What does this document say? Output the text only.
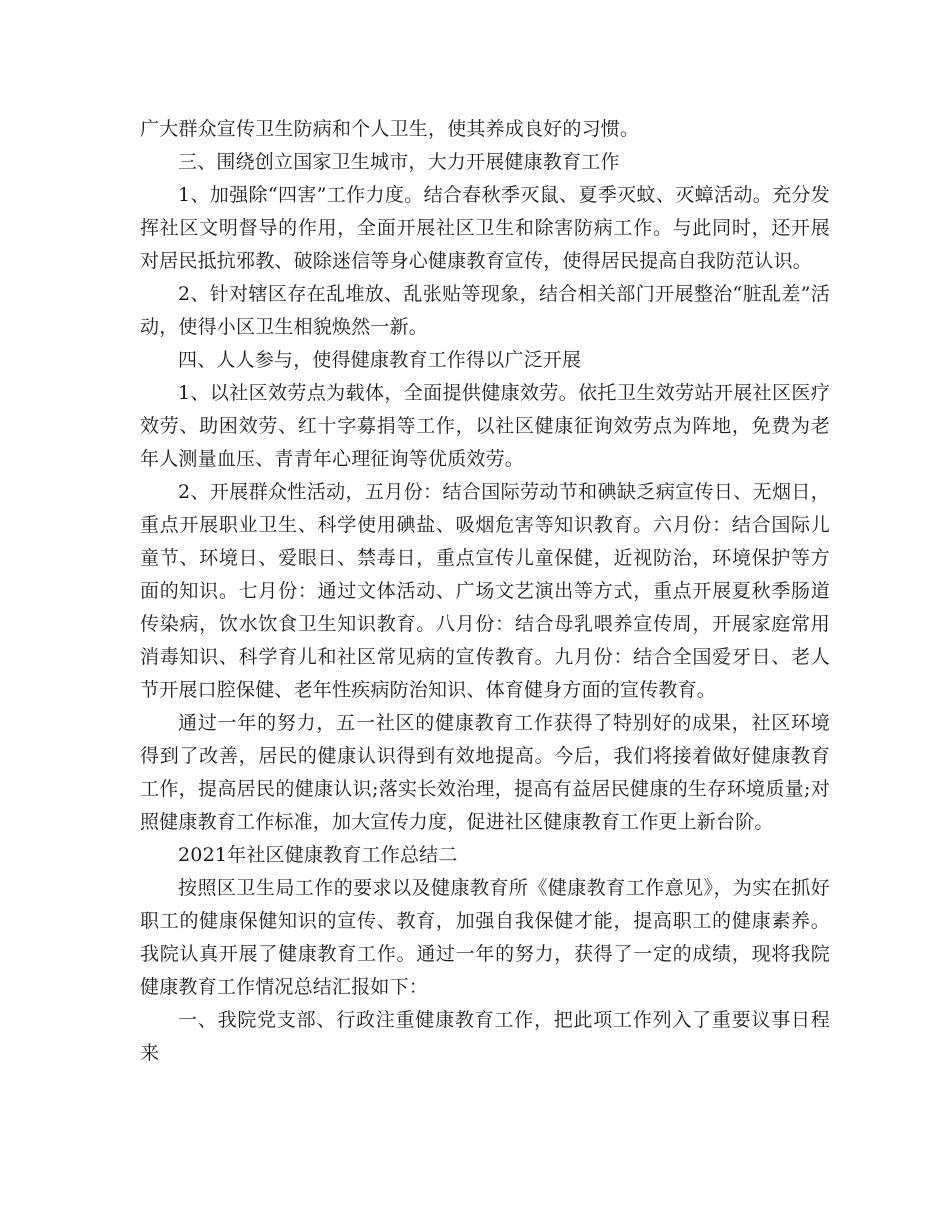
广大群众宣传卫生防病和个人卫生，使其养成良好的习惯。

三、围绕创立国家卫生城市，大力开展健康教育工作

1、加强除“四害”工作力度。结合春秋季灭鼠、夏季灭蚊、灭蟑活动。充分发挥社区文明督导的作用，全面开展社区卫生和除害防病工作。与此同时，还开展对居民抵抗邪教、破除迷信等身心健康教育宣传，使得居民提高自我防范认识。

2、针对辖区存在乱堆放、乱张贴等现象，结合相关部门开展整治“脏乱差”活动，使得小区卫生相貌焕然一新。

四、人人参与，使得健康教育工作得以广泛开展

1、以社区效劳点为载体，全面提供健康效劳。依托卫生效劳站开展社区医疗效劳、助困效劳、红十字募捐等工作，以社区健康征询效劳点为阵地，免费为老年人测量血压、青青年心理征询等优质效劳。

2、开展群众性活动，五月份：结合国际劳动节和碘缺乏病宣传日、无烟日，重点开展职业卫生、科学使用碘盐、吸烟危害等知识教育。六月份：结合国际儿童节、环境日、爱眼日、禁毒日，重点宣传儿童保健，近视防治，环境保护等方面的知识。七月份：通过文体活动、广场文艺演出等方式，重点开展夏秋季肠道传染病，饮水饮食卫生知识教育。八月份：结合母乳喂养宣传周，开展家庭常用消毒知识、科学育儿和社区常见病的宣传教育。九月份：结合全国爱牙日、老人节开展口腔保健、老年性疾病防治知识、体育健身方面的宣传教育。

通过一年的努力，五一社区的健康教育工作获得了特别好的成果，社区环境得到了改善，居民的健康认识得到有效地提高。今后，我们将接着做好健康教育工作，提高居民的健康认识;落实长效治理，提高有益居民健康的生存环境质量;对照健康教育工作标准，加大宣传力度，促进社区健康教育工作更上新台阶。

2021年社区健康教育工作总结二

按照区卫生局工作的要求以及健康教育所《健康教育工作意见》，为实在抓好职工的健康保健知识的宣传、教育，加强自我保健才能，提高职工的健康素养。我院认真开展了健康教育工作。通过一年的努力，获得了一定的成绩，现将我院健康教育工作情况总结汇报如下：

一、我院党支部、行政注重健康教育工作，把此项工作列入了重要议事日程来
